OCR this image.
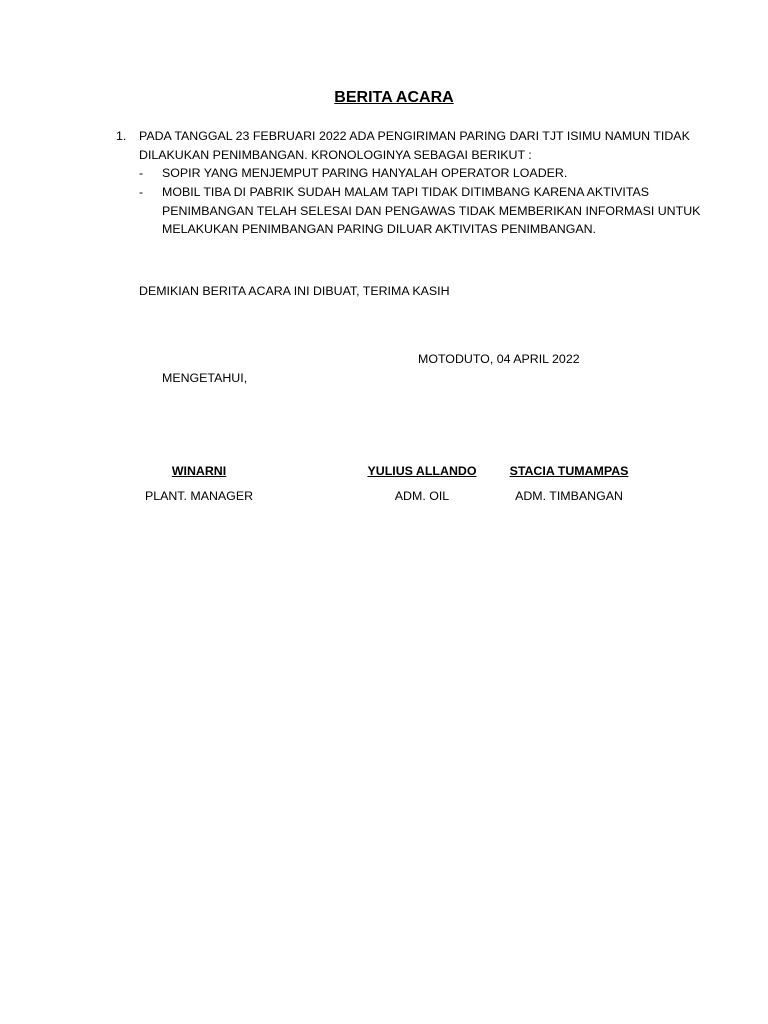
BERITA ACARA
1. PADA TANGGAL 23 FEBRUARI 2022 ADA PENGIRIMAN PARING DARI TJT ISIMU NAMUN TIDAK
DILAKUKAN PENIMBANGAN. KRONOLOGINYA SEBAGAI BERIKUT :
- SOPIR YANG MENJEMPUT PARING HANYALAH OPERATOR LOADER.
- MOBIL TIBA DI PABRIK SUDAH MALAM TAPI TIDAK DITIMBANG KARENA AKTIVITAS
PENIMBANGAN TELAH SELESAI DAN PENGAWAS TIDAK MEMBERIKAN INFORMASI UNTUK
MELAKUKAN PENIMBANGAN PARING DILUAR AKTIVITAS PENIMBANGAN.
DEMIKIAN BERITA ACARA INI DIBUAT, TERIMA KASIH
MOTODUTO, 04 APRIL 2022
MENGETAHUI,
WINARNI
PLANT. MANAGER
YULIUS ALLANDO
ADM. OIL
STACIA TUMAMPAS
ADM. TIMBANGAN
